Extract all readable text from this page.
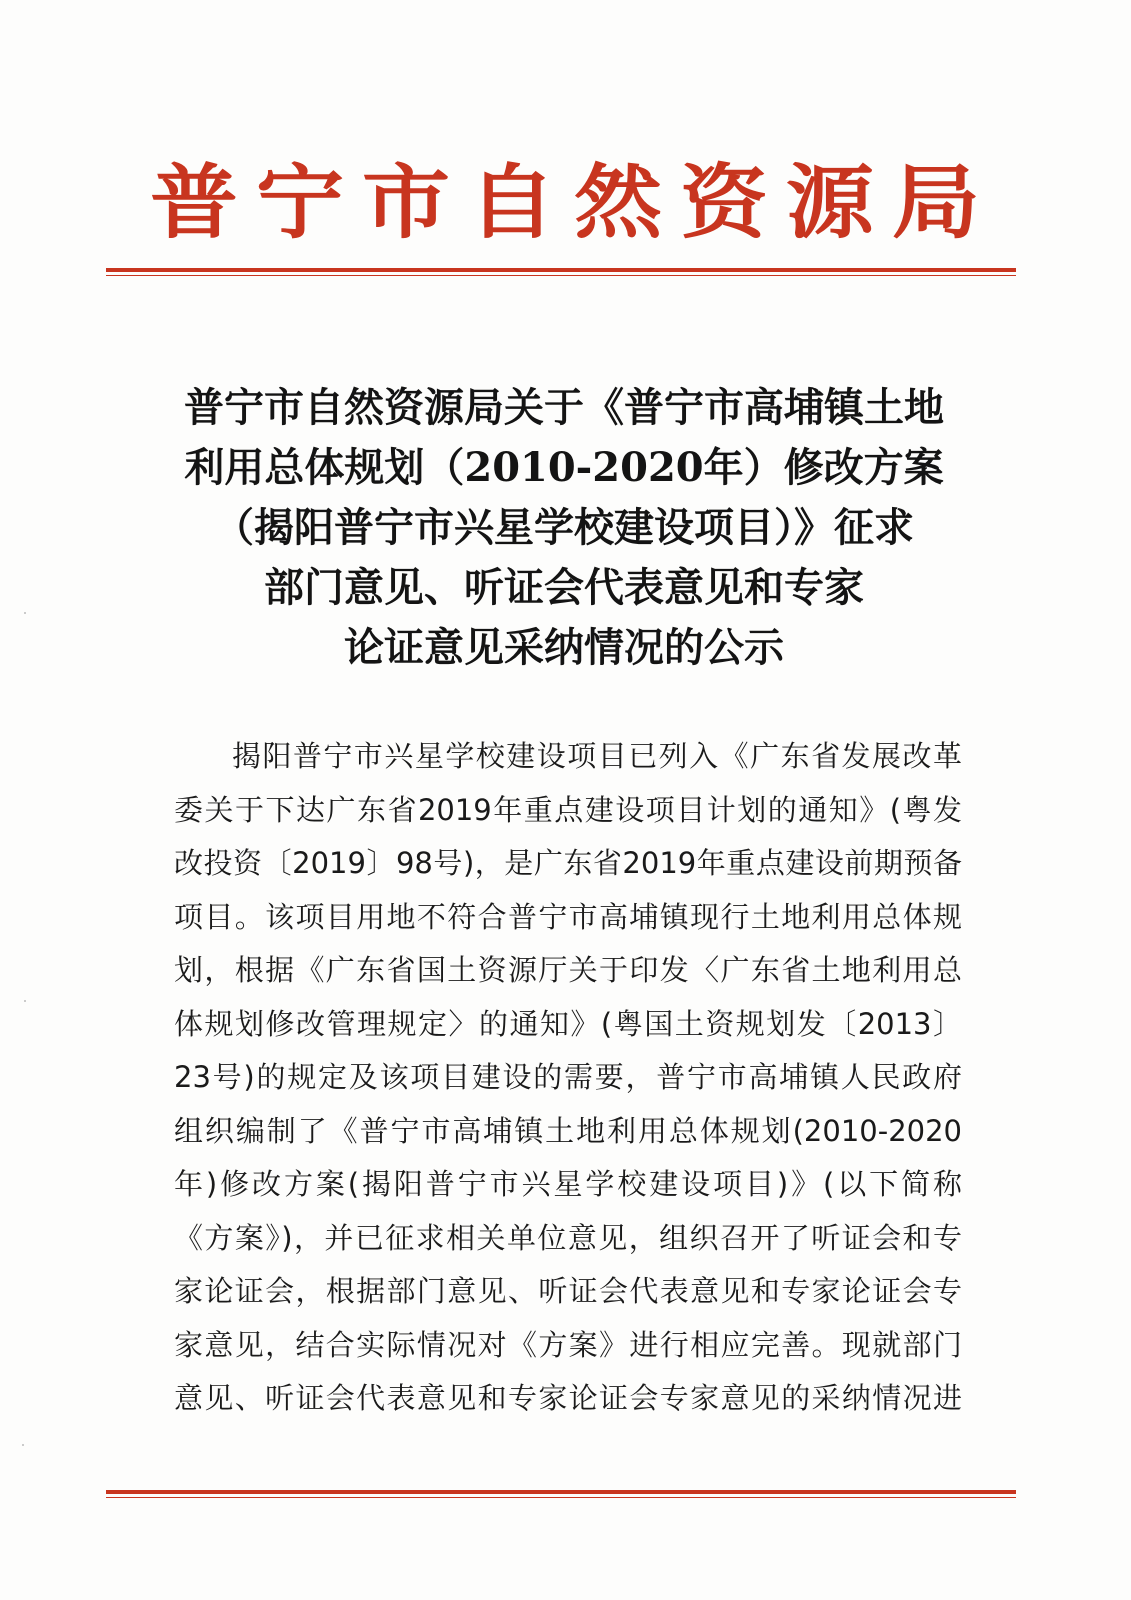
普 宁 市 自 然 资 源 局
普宁市自然资源局关于《普宁市高埔镇土地
利用总体规划（2010-2020年）修改方案
（揭阳普宁市兴星学校建设项目）》征求
部门意见、听证会代表意见和专家
论证意见采纳情况的公示
揭阳普宁市兴星学校建设项目已列入《广东省发展改革
委关于下达广东省2019年重点建设项目计划的通知》(粤发
改投资〔2019〕98号)，是广东省2019年重点建设前期预备
项目。该项目用地不符合普宁市高埔镇现行土地利用总体规
划，根据《广东省国土资源厅关于印发〈广东省土地利用总
体规划修改管理规定〉的通知》(粤国土资规划发〔2013〕
23号)的规定及该项目建设的需要，普宁市高埔镇人民政府
组织编制了《普宁市高埔镇土地利用总体规划(2010-2020
年)修改方案(揭阳普宁市兴星学校建设项目)》(以下简称
《方案》)，并已征求相关单位意见，组织召开了听证会和专
家论证会，根据部门意见、听证会代表意见和专家论证会专
家意见，结合实际情况对《方案》进行相应完善。现就部门
意见、听证会代表意见和专家论证会专家意见的采纳情况进
